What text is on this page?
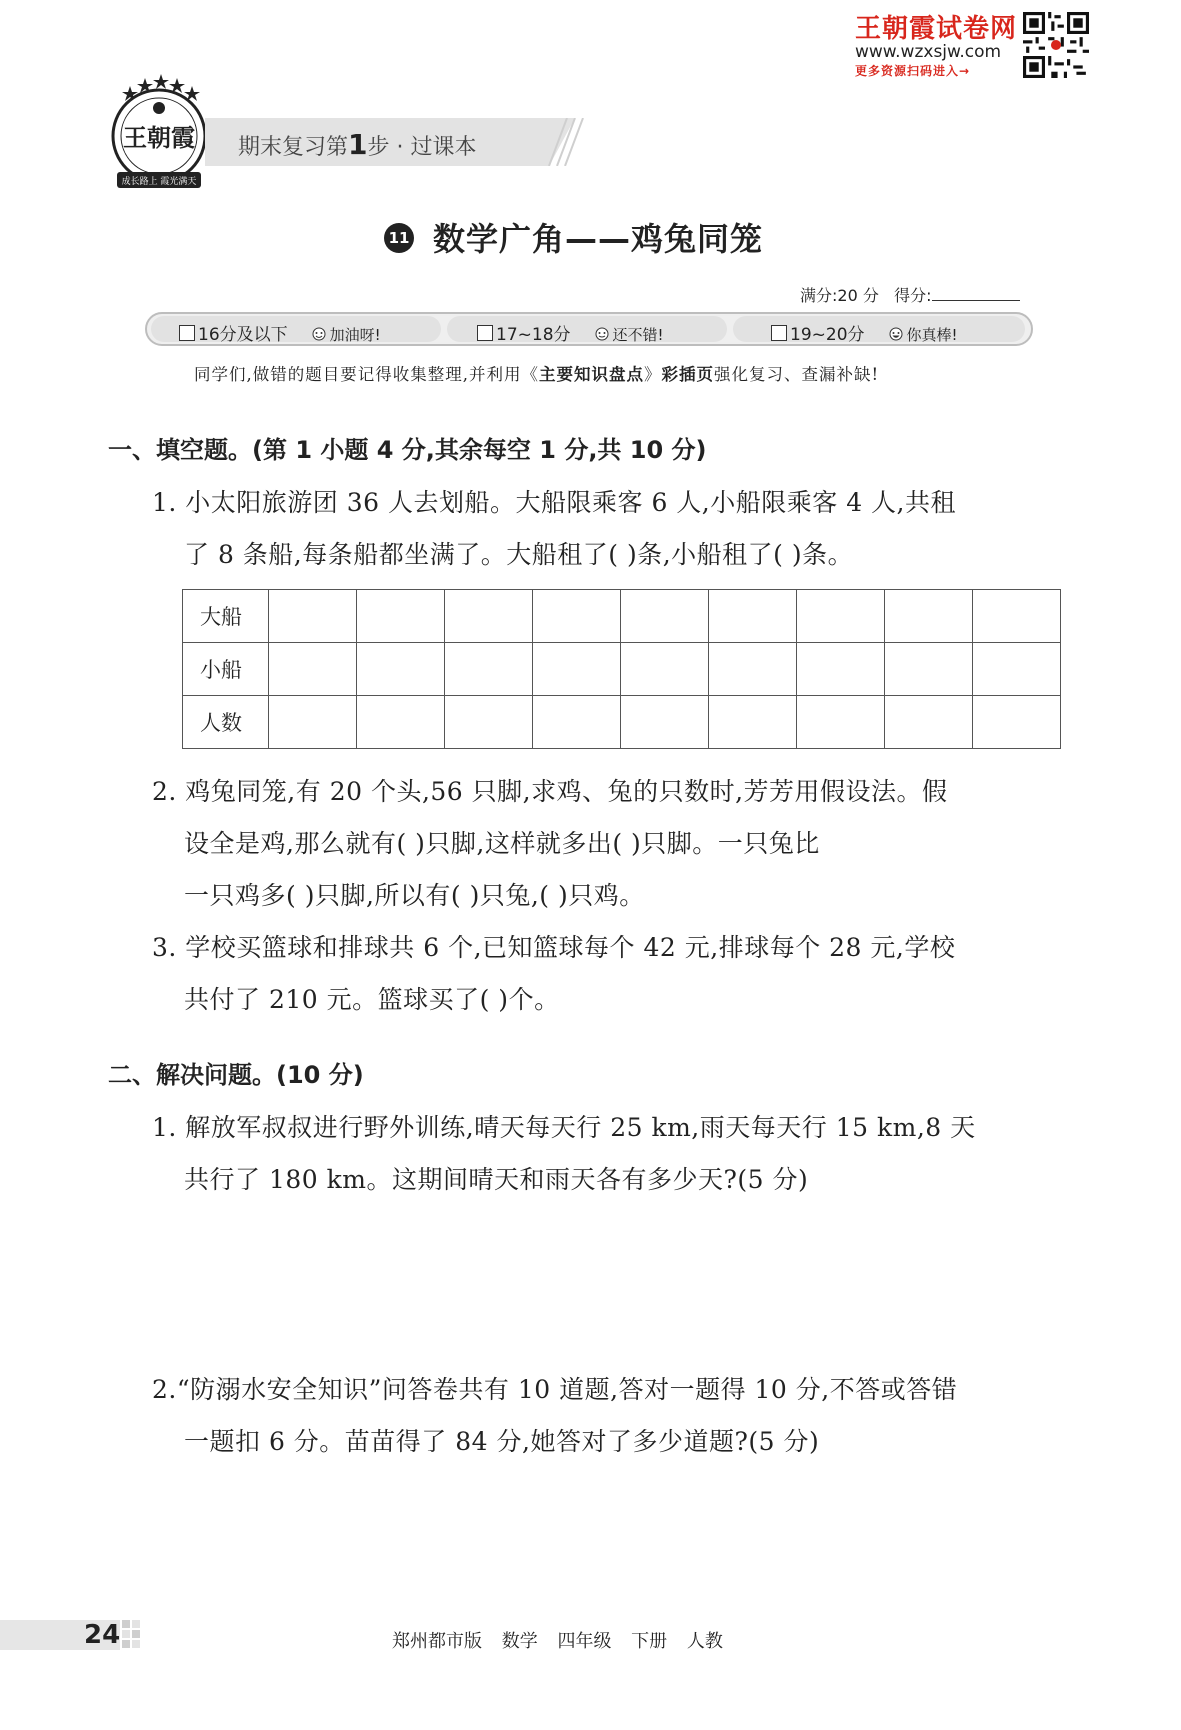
王朝霞试卷网
www.wzxsjw.com
更多资源扫码进入→
王朝霞
成长路上 霞光满天
期末复习第1步 · 过课本
11 数学广角——鸡兔同笼
满分:20 分 得分:
16分及以下	加油呀!	17~18分	还不错!	19~20分	你真棒!
同学们,做错的题目要记得收集整理,并利用《主要知识盘点》彩插页强化复习、查漏补缺!
一、填空题。(第 1 小题 4 分,其余每空 1 分,共 10 分)
1. 小太阳旅游团 36 人去划船。大船限乘客 6 人,小船限乘客 4 人,共租
了 8 条船,每条船都坐满了。大船租了( )条,小船租了( )条。
大船									
小船									
人数									
2. 鸡兔同笼,有 20 个头,56 只脚,求鸡、兔的只数时,芳芳用假设法。假
设全是鸡,那么就有( )只脚,这样就多出( )只脚。一只兔比
一只鸡多( )只脚,所以有( )只兔,( )只鸡。
3. 学校买篮球和排球共 6 个,已知篮球每个 42 元,排球每个 28 元,学校
共付了 210 元。篮球买了( )个。
二、解决问题。(10 分)
1. 解放军叔叔进行野外训练,晴天每天行 25 km,雨天每天行 15 km,8 天
共行了 180 km。这期间晴天和雨天各有多少天?(5 分)
2.“防溺水安全知识”问答卷共有 10 道题,答对一题得 10 分,不答或答错
一题扣 6 分。苗苗得了 84 分,她答对了多少道题?(5 分)
24	郑州都市版 数学 四年级 下册 人教
